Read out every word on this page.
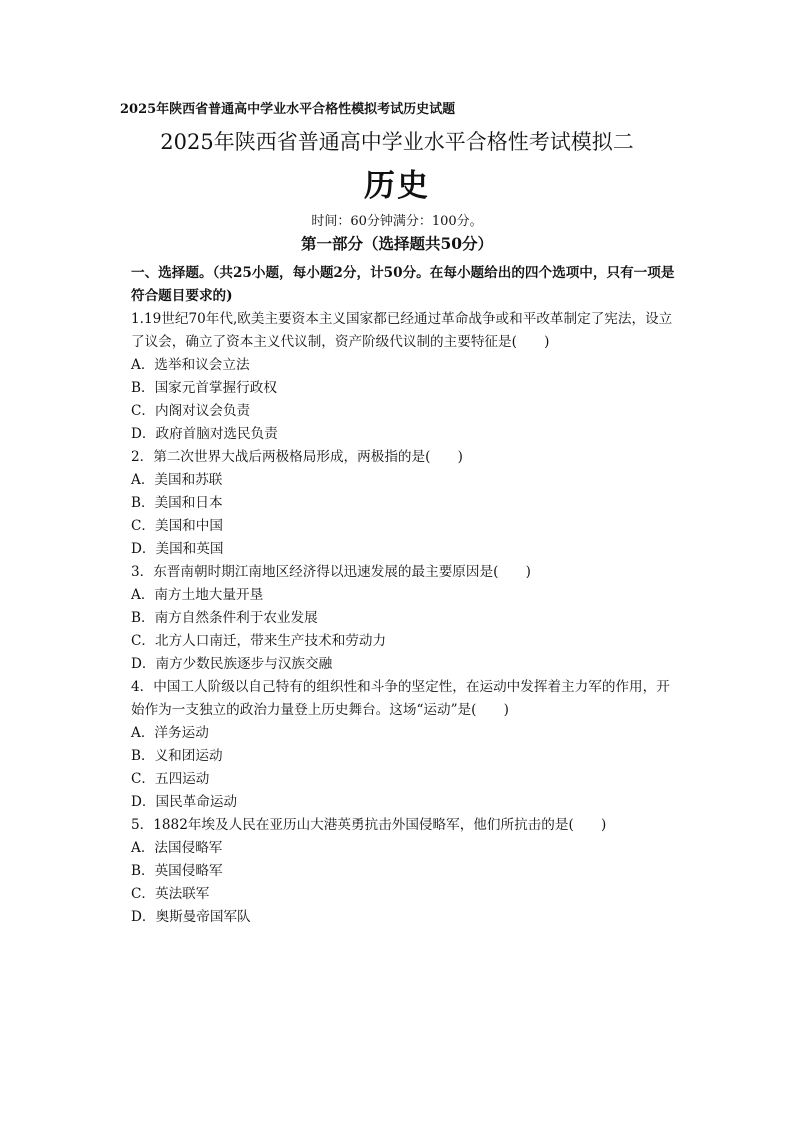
2025年陕西省普通高中学业水平合格性模拟考试历史试题
2025年陕西省普通高中学业水平合格性考试模拟二
历史
时间：60分钟满分：100分。
第一部分（选择题共50分）

一、选择题。（共25小题，每小题2分，计50分。在每小题给出的四个选项中，只有一项是符合题目要求的)

1.19世纪70年代,欧美主要资本主义国家都已经通过革命战争或和平改革制定了宪法，设立了议会，确立了资本主义代议制，资产阶级代议制的主要特征是(　　)
A．选举和议会立法
B．国家元首掌握行政权
C．内阁对议会负责
D．政府首脑对选民负责
2．第二次世界大战后两极格局形成，两极指的是(　　)
A．美国和苏联
B．美国和日本
C．美国和中国
D．美国和英国
3．东晋南朝时期江南地区经济得以迅速发展的最主要原因是(　　)
A．南方土地大量开垦
B．南方自然条件利于农业发展
C．北方人口南迁，带来生产技术和劳动力
D．南方少数民族逐步与汉族交融
4．中国工人阶级以自己特有的组织性和斗争的坚定性，在运动中发挥着主力军的作用，开始作为一支独立的政治力量登上历史舞台。这场“运动”是(　　)
A．洋务运动
B．义和团运动
C．五四运动
D．国民革命运动
5．1882年埃及人民在亚历山大港英勇抗击外国侵略军，他们所抗击的是(　　)
A．法国侵略军
B．英国侵略军
C．英法联军
D．奥斯曼帝国军队
